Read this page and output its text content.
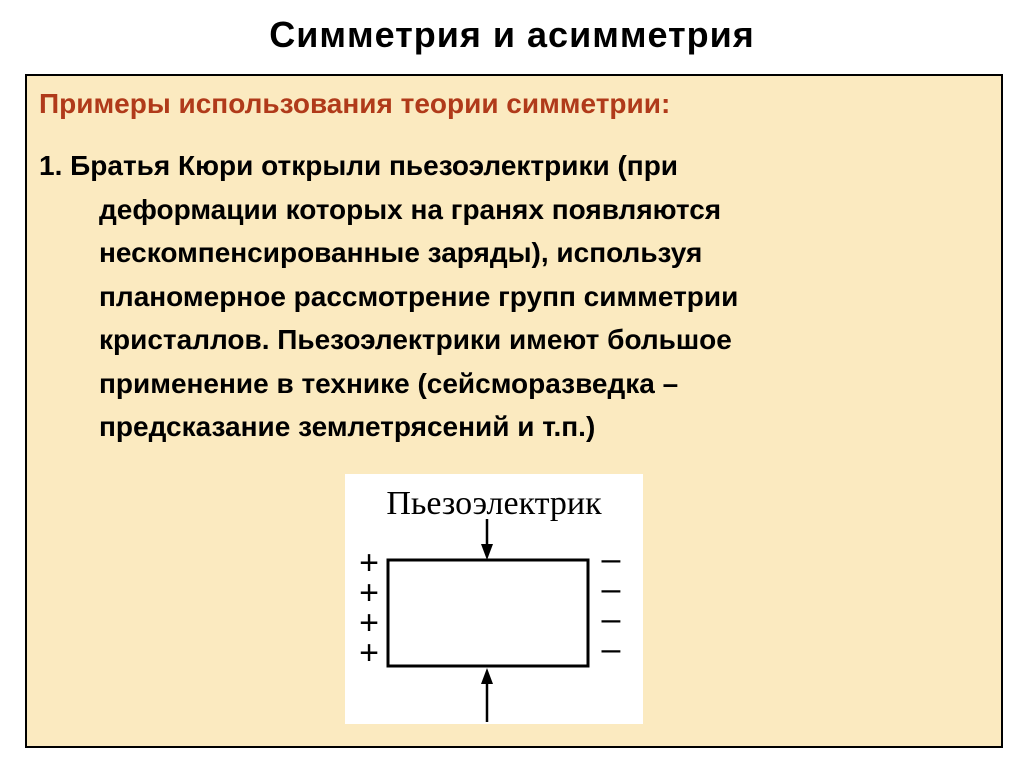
Симметрия и асимметрия
Примеры использования теории симметрии:
1. Братья Кюри открыли пьезоэлектрики (при
деформации которых на гранях появляются
нескомпенсированные заряды), используя
планомерное рассмотрение групп симметрии
кристаллов. Пьезоэлектрики имеют большое
применение в технике (сейсморазведка –
предсказание землетрясений и т.п.)
Пьезоэлектрик
+
+
+
+
–
–
–
–
